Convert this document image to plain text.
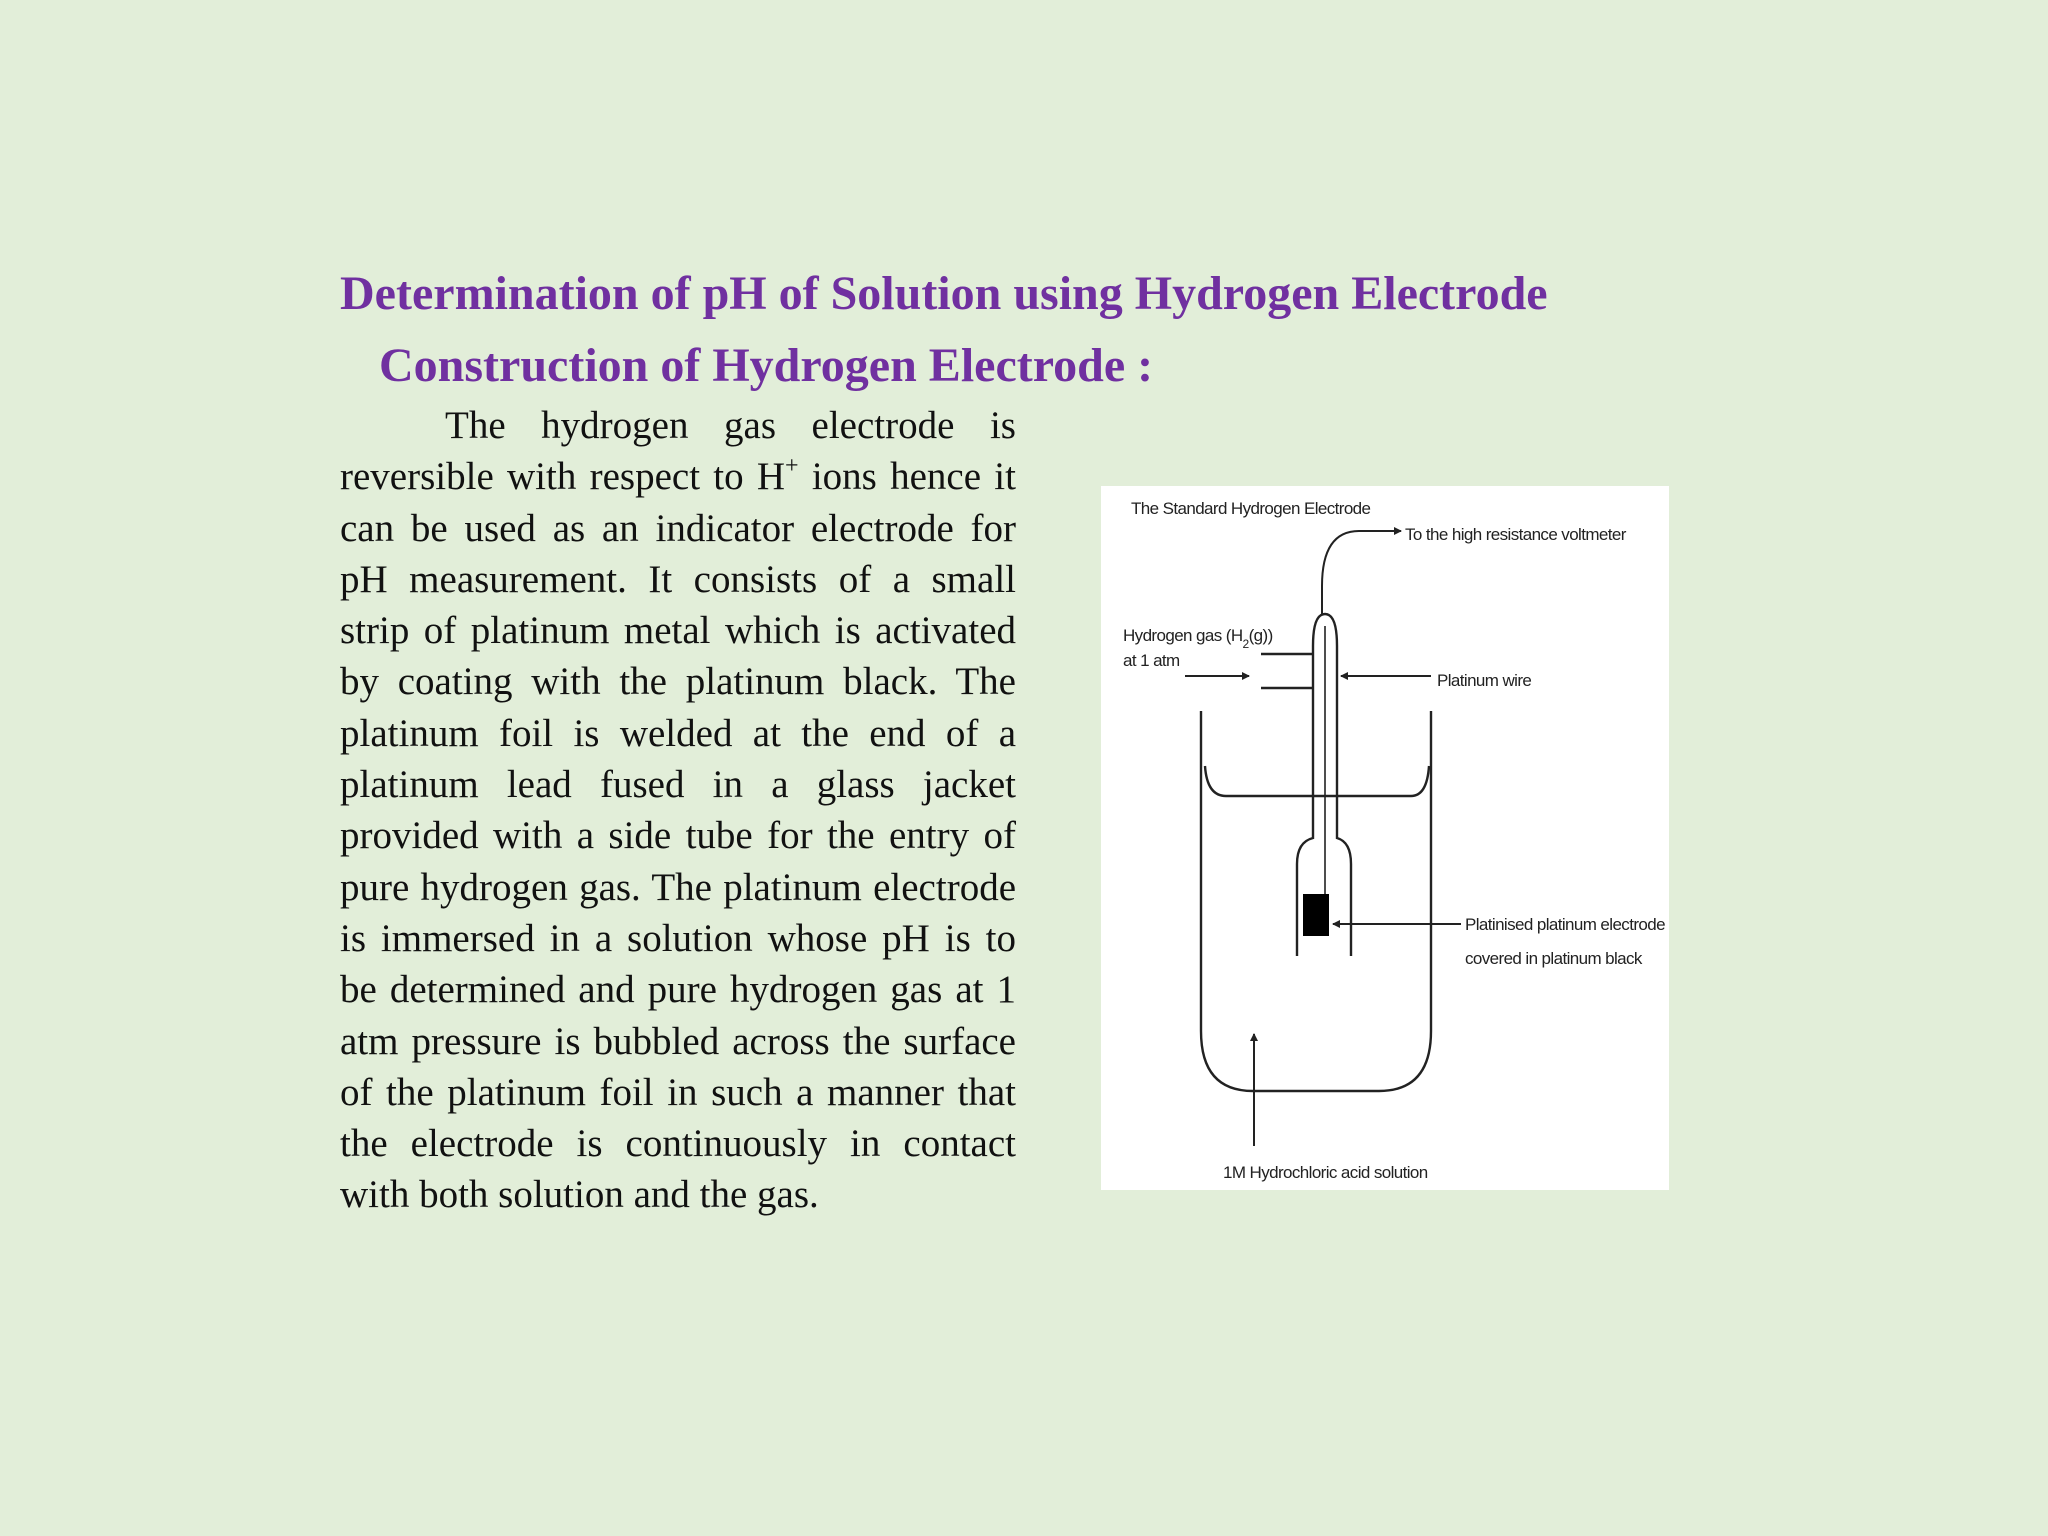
Determination of pH of Solution using Hydrogen Electrode
Construction of Hydrogen Electrode :

The hydrogen gas electrode is reversible with respect to H+ ions hence it can be used as an indicator electrode for pH measurement. It consists of a small strip of platinum metal which is activated by coating with the platinum black. The platinum foil is welded at the end of a platinum lead fused in a glass jacket provided with a side tube for the entry of pure hydrogen gas. The platinum electrode is immersed in a solution whose pH is to be determined and pure hydrogen gas at 1 atm pressure is bubbled across the surface of the platinum foil in such a manner that the electrode is continuously in contact with both solution and the gas.

The Standard Hydrogen Electrode
To the high resistance voltmeter
Hydrogen gas $(H_2(g))$
at 1 atm
Platinum wire
Platinised platinum electrode
covered in platinum black
1M Hydrochloric acid solution
